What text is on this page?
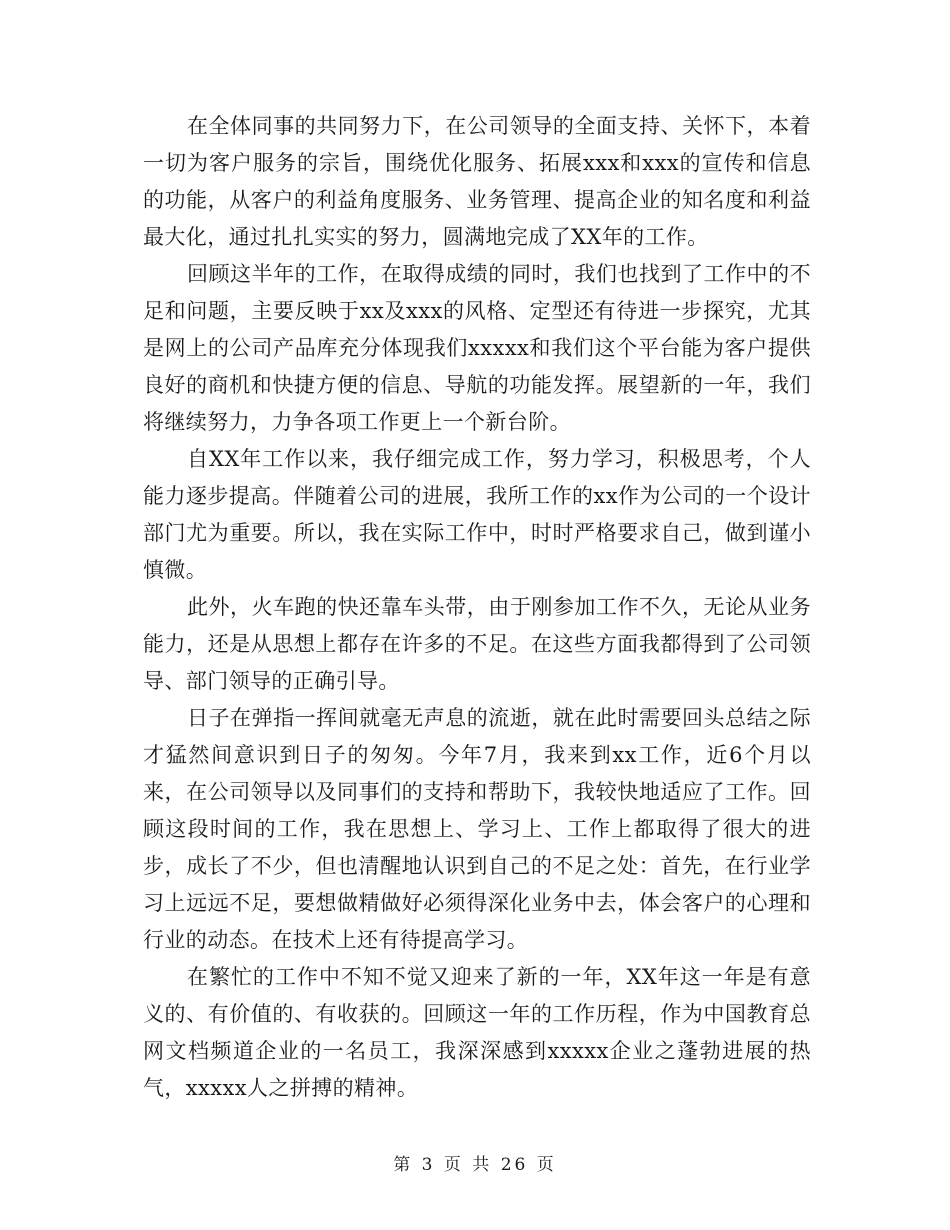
在全体同事的共同努力下，在公司领导的全面支持、关怀下，本着一切为客户服务的宗旨，围绕优化服务、拓展xxx和xxx的宣传和信息的功能，从客户的利益角度服务、业务管理、提高企业的知名度和利益最大化，通过扎扎实实的努力，圆满地完成了XX年的工作。

回顾这半年的工作，在取得成绩的同时，我们也找到了工作中的不足和问题，主要反映于xx及xxx的风格、定型还有待进一步探究，尤其是网上的公司产品库充分体现我们xxxxx和我们这个平台能为客户提供良好的商机和快捷方便的信息、导航的功能发挥。展望新的一年，我们将继续努力，力争各项工作更上一个新台阶。

自XX年工作以来，我仔细完成工作，努力学习，积极思考，个人能力逐步提高。伴随着公司的进展，我所工作的xx作为公司的一个设计部门尤为重要。所以，我在实际工作中，时时严格要求自己，做到谨小慎微。

此外，火车跑的快还靠车头带，由于刚参加工作不久，无论从业务能力，还是从思想上都存在许多的不足。在这些方面我都得到了公司领导、部门领导的正确引导。

日子在弹指一挥间就毫无声息的流逝，就在此时需要回头总结之际才猛然间意识到日子的匆匆。今年7月，我来到xx工作，近6个月以来，在公司领导以及同事们的支持和帮助下，我较快地适应了工作。回顾这段时间的工作，我在思想上、学习上、工作上都取得了很大的进步，成长了不少，但也清醒地认识到自己的不足之处：首先，在行业学习上远远不足，要想做精做好必须得深化业务中去，体会客户的心理和行业的动态。在技术上还有待提高学习。

在繁忙的工作中不知不觉又迎来了新的一年，XX年这一年是有意义的、有价值的、有收获的。回顾这一年的工作历程，作为中国教育总网文档频道企业的一名员工，我深深感到xxxxx企业之蓬勃进展的热气，xxxxx人之拼搏的精神。

第 3 页 共 26 页
